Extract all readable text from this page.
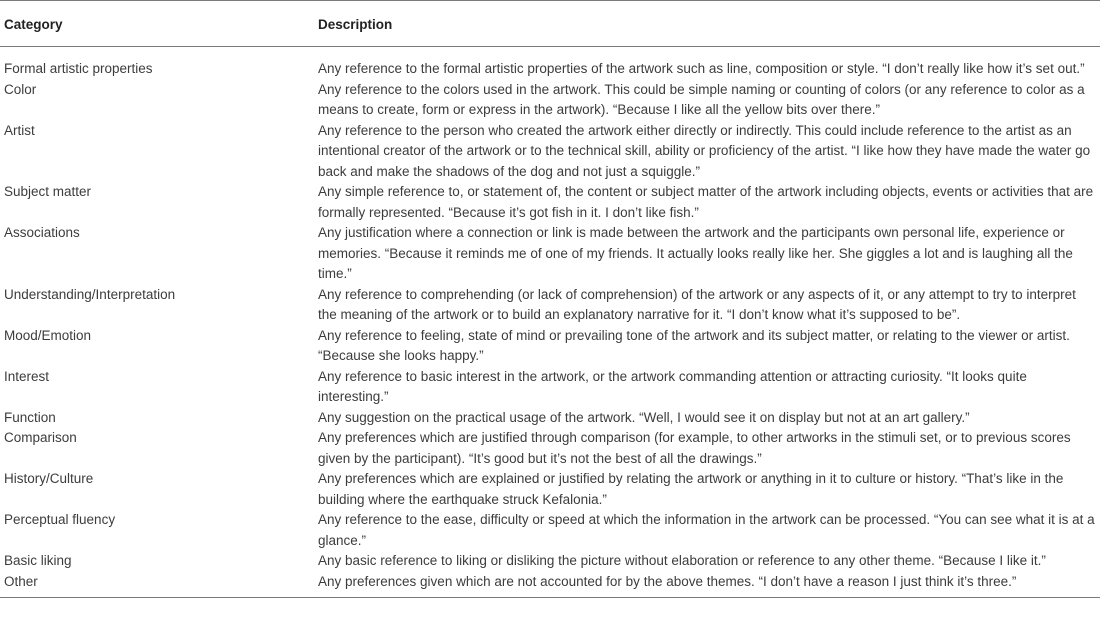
Category	Description
Formal artistic properties	Any reference to the formal artistic properties of the artwork such as line, composition or style. “I don’t really like how it’s set out.”
Color	Any reference to the colors used in the artwork. This could be simple naming or counting of colors (or any reference to color as a means to create, form or express in the artwork). “Because I like all the yellow bits over there.”
Artist	Any reference to the person who created the artwork either directly or indirectly. This could include reference to the artist as an intentional creator of the artwork or to the technical skill, ability or proficiency of the artist. “I like how they have made the water go back and make the shadows of the dog and not just a squiggle.”
Subject matter	Any simple reference to, or statement of, the content or subject matter of the artwork including objects, events or activities that are formally represented. “Because it’s got fish in it. I don’t like fish.”
Associations	Any justification where a connection or link is made between the artwork and the participants own personal life, experience or memories. “Because it reminds me of one of my friends. It actually looks really like her. She giggles a lot and is laughing all the time.”
Understanding/Interpretation	Any reference to comprehending (or lack of comprehension) of the artwork or any aspects of it, or any attempt to try to interpret the meaning of the artwork or to build an explanatory narrative for it. “I don’t know what it’s supposed to be”.
Mood/Emotion	Any reference to feeling, state of mind or prevailing tone of the artwork and its subject matter, or relating to the viewer or artist. “Because she looks happy.”
Interest	Any reference to basic interest in the artwork, or the artwork commanding attention or attracting curiosity. “It looks quite interesting.”
Function	Any suggestion on the practical usage of the artwork. “Well, I would see it on display but not at an art gallery.”
Comparison	Any preferences which are justified through comparison (for example, to other artworks in the stimuli set, or to previous scores given by the participant). “It’s good but it’s not the best of all the drawings.”
History/Culture	Any preferences which are explained or justified by relating the artwork or anything in it to culture or history. “That’s like in the building where the earthquake struck Kefalonia.”
Perceptual fluency	Any reference to the ease, difficulty or speed at which the information in the artwork can be processed. “You can see what it is at a glance.”
Basic liking	Any basic reference to liking or disliking the picture without elaboration or reference to any other theme. “Because I like it.”
Other	Any preferences given which are not accounted for by the above themes. “I don’t have a reason I just think it’s three.”
